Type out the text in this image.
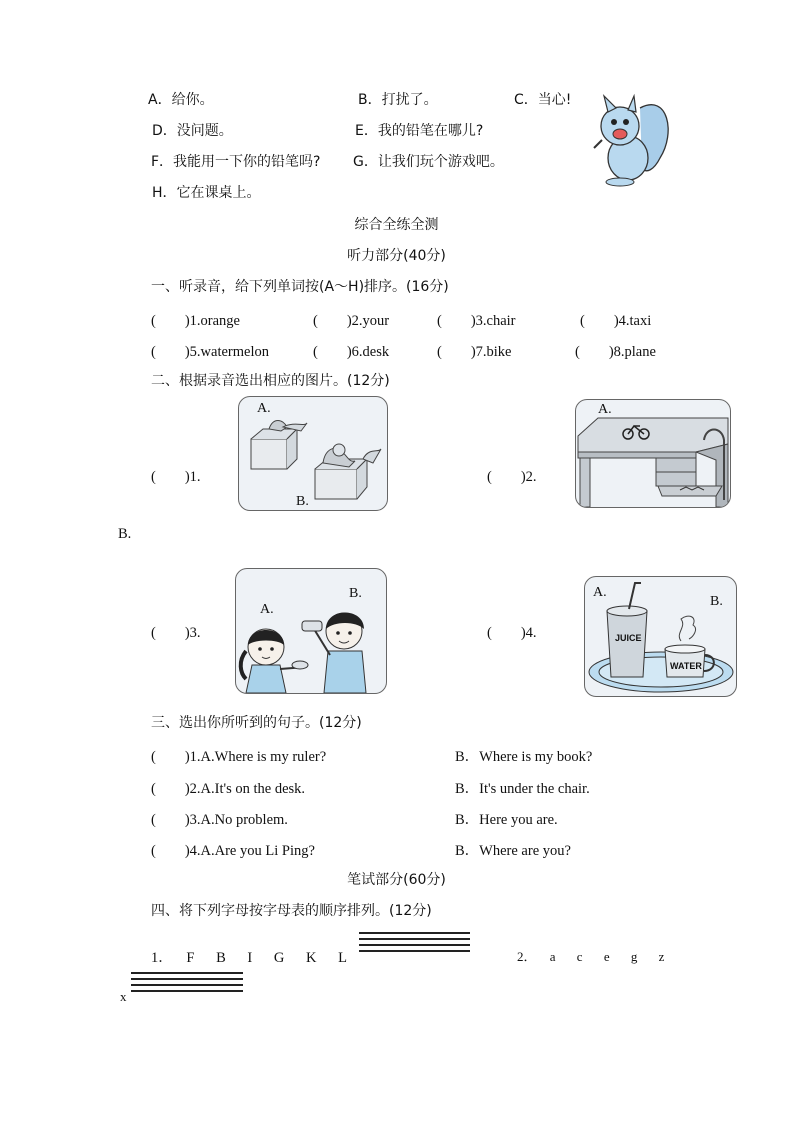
A．给你。	B．打扰了。	C．当心!
D．没问题。	E．我的铅笔在哪儿?
F．我能用一下你的铅笔吗? G．让我们玩个游戏吧。
H．它在课桌上。
综合全练全测
听力部分(40分)
一、听录音，给下列单词按(A～H)排序。(16分)
(　　)1.orange	(　　)2.your	(　　)3.chair	(　　)4.taxi
(　　)5.watermelon	(　　)6.desk	(　　)7.bike	(　　)8.plane
二、根据录音选出相应的图片。(12分)
(　　)1.
A.
B.
(　　)2.
A.
B.
(　　)3.
A.
B.
(　　)4.
A.
B.
JUICE
WATER
三、选出你所听到的句子。(12分)
(　　)1.A.Where is my ruler?	B．Where is my book?
(　　)2.A.It's on the desk.	B．It's under the chair.
(　　)3.A.No problem.	B．Here you are.
(　　)4.A.Are you Li Ping?	B．Where are you?
笔试部分(60分)
四、将下列字母按字母表的顺序排列。(12分)
1． F B I G K L	2． a c e g z
x
